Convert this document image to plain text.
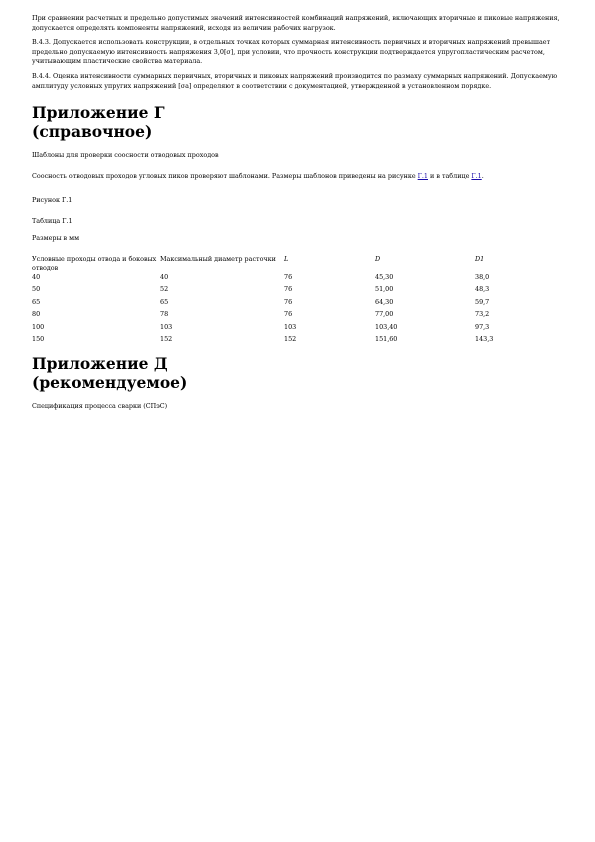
При сравнении расчетных и предельно допустимых значений интенсивностей комбинаций напряжений, включающих вторичные и пиковые напряжения, допускается определять компоненты напряжений, исходя из величин рабочих нагрузок.

В.4.3. Допускается использовать конструкции, в отдельных точках которых суммарная интенсивность первичных и вторичных напряжений превышает предельно допускаемую интенсивность напряжения 3,0[σ], при условии, что прочность конструкции подтверждается упругопластическим расчетом, учитывающим пластические свойства материала.

В.4.4. Оценка интенсивности суммарных первичных, вторичных и пиковых напряжений производится по размаху суммарных напряжений. Допускаемую амплитуду условных упругих напряжений [σa] определяют в соответствии с документацией, утвержденной в установленном порядке.

Приложение Г
(справочное)

Шаблоны для проверки соосности отводовых проходов

Соосность отводовых проходов угловых пиков проверяют шаблонами. Размеры шаблонов приведены на рисунке Г.1 и в таблице Г.1.

Рисунок Г.1

Таблица Г.1

Размеры в мм

Условные проходы отвода и боковых отводов	Максимальный диаметр расточки	L	D	D1
40	40	76	45,30	38,0
50	52	76	51,00	48,3
65	65	76	64,30	59,7
80	78	76	77,00	73,2
100	103	103	103,40	97,3
150	152	152	151,60	143,3
Приложение Д
(рекомендуемое)

Спецификация процесса сварки (СПэС)
